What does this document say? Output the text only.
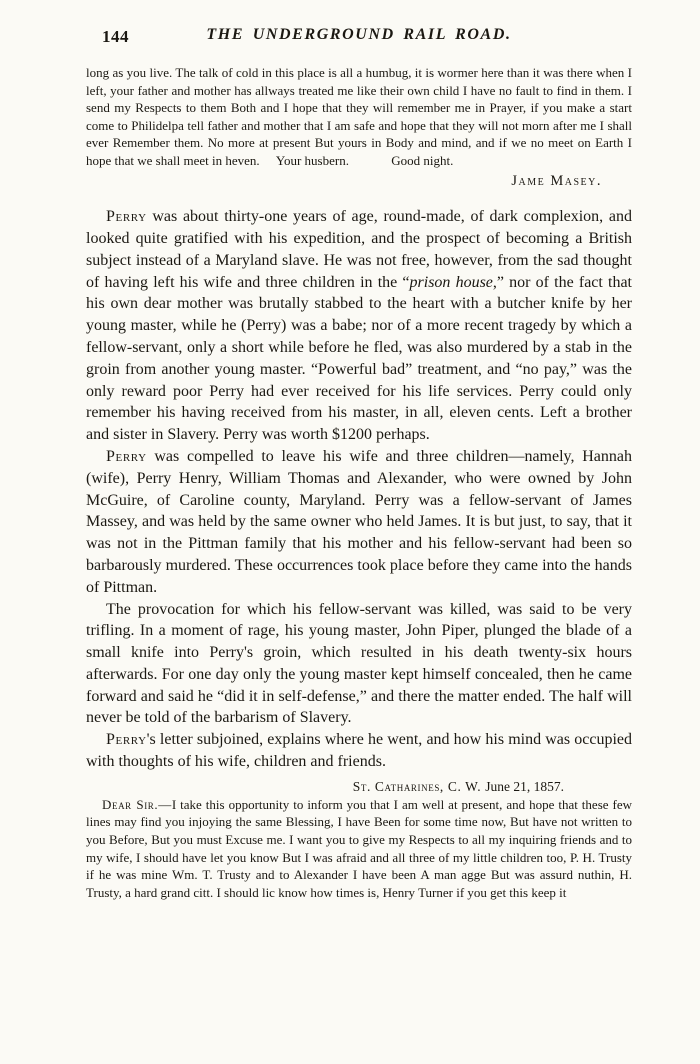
144	THE UNDERGROUND RAIL ROAD.

long as you live. The talk of cold in this place is all a humbug, it is wormer here than it was there when I left, your father and mother has allways treated me like their own child I have no fault to find in them. I send my Respects to them Both and I hope that they will remember me in Prayer, if you make a start come to Philidelpa tell father and mother that I am safe and hope that they will not morn after me I shall ever Remember them. No more at present But yours in Body and mind, and if we no meet on Earth I hope that we shall meet in heven.  Your husbern.    Good night.

Jame Masey.

Perry was about thirty-one years of age, round-made, of dark complexion, and looked quite gratified with his expedition, and the prospect of becoming a British subject instead of a Maryland slave. He was not free, however, from the sad thought of having left his wife and three children in the “prison house,” nor of the fact that his own dear mother was brutally stabbed to the heart with a butcher knife by her young master, while he (Perry) was a babe; nor of a more recent tragedy by which a fellow-servant, only a short while before he fled, was also murdered by a stab in the groin from another young master. “Powerful bad” treatment, and “no pay,” was the only reward poor Perry had ever received for his life services. Perry could only remember his having received from his master, in all, eleven cents. Left a brother and sister in Slavery. Perry was worth $1200 perhaps.

Perry was compelled to leave his wife and three children—namely, Hannah (wife), Perry Henry, William Thomas and Alexander, who were owned by John McGuire, of Caroline county, Maryland. Perry was a fellow-servant of James Massey, and was held by the same owner who held James. It is but just, to say, that it was not in the Pittman family that his mother and his fellow-servant had been so barbarously murdered. These occurrences took place before they came into the hands of Pittman.

The provocation for which his fellow-servant was killed, was said to be very trifling. In a moment of rage, his young master, John Piper, plunged the blade of a small knife into Perry's groin, which resulted in his death twenty-six hours afterwards. For one day only the young master kept himself concealed, then he came forward and said he “did it in self-defense,” and there the matter ended. The half will never be told of the barbarism of Slavery.

Perry's letter subjoined, explains where he went, and how his mind was occupied with thoughts of his wife, children and friends.

St. Catharines, C. W. June 21, 1857.

Dear Sir.—I take this opportunity to inform you that I am well at present, and hope that these few lines may find you injoying the same Blessing, I have Been for some time now, But have not written to you Before, But you must Excuse me. I want you to give my Respects to all my inquiring friends and to my wife, I should have let you know But I was afraid and all three of my little children too, P. H. Trusty if he was mine Wm. T. Trusty and to Alexander I have been A man agge But was assurd nuthin, H. Trusty, a hard grand citt. I should lic know how times is, Henry Turner if you get this keep it
